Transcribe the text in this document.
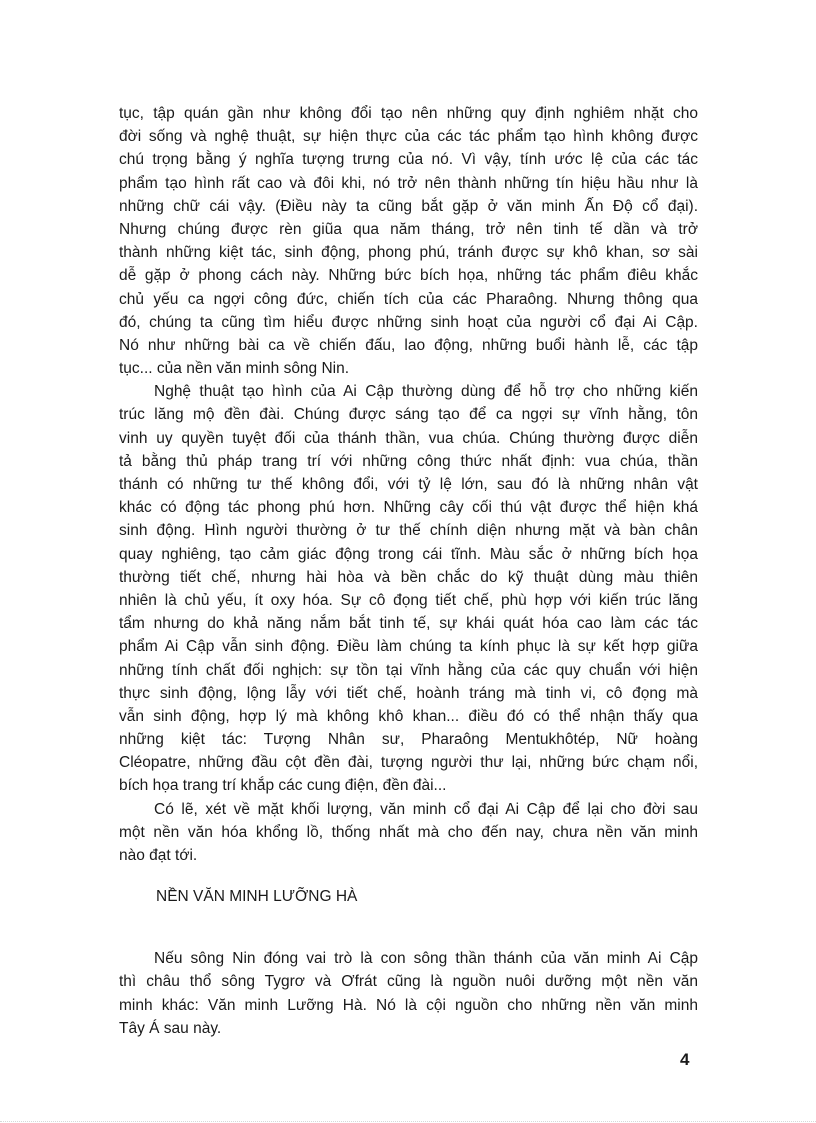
tục, tập quán gần như không đổi tạo nên những quy định nghiêm nhặt cho
đời sống và nghệ thuật, sự hiện thực của các tác phẩm tạo hình không được
chú trọng bằng ý nghĩa tượng trưng của nó. Vì vậy, tính ước lệ của các tác
phẩm tạo hình rất cao và đôi khi, nó trở nên thành những tín hiệu hầu như là
những chữ cái vậy. (Điều này ta cũng bắt gặp ở văn minh Ấn Độ cổ đại).
Nhưng chúng được rèn giũa qua năm tháng, trở nên tinh tế dần và trở
thành những kiệt tác, sinh động, phong phú, tránh được sự khô khan, sơ sài
dễ gặp ở phong cách này. Những bức bích họa, những tác phẩm điêu khắc
chủ yếu ca ngợi công đức, chiến tích của các Pharaông. Nhưng thông qua
đó, chúng ta cũng tìm hiểu được những sinh hoạt của người cổ đại Ai Cập.
Nó như những bài ca về chiến đấu, lao động, những buổi hành lễ, các tập
tục... của nền văn minh sông Nin.
Nghệ thuật tạo hình của Ai Cập thường dùng để hỗ trợ cho những kiến
trúc lăng mộ đền đài. Chúng được sáng tạo để ca ngợi sự vĩnh hằng, tôn
vinh uy quyền tuyệt đối của thánh thần, vua chúa. Chúng thường được diễn
tả bằng thủ pháp trang trí với những công thức nhất định: vua chúa, thần
thánh có những tư thế không đổi, với tỷ lệ lớn, sau đó là những nhân vật
khác có động tác phong phú hơn. Những cây cối thú vật được thể hiện khá
sinh động. Hình người thường ở tư thế chính diện nhưng mặt và bàn chân
quay nghiêng, tạo cảm giác động trong cái tĩnh. Màu sắc ở những bích họa
thường tiết chế, nhưng hài hòa và bền chắc do kỹ thuật dùng màu thiên
nhiên là chủ yếu, ít oxy hóa. Sự cô đọng tiết chế, phù hợp với kiến trúc lăng
tẩm nhưng do khả năng nắm bắt tinh tế, sự khái quát hóa cao làm các tác
phẩm Ai Cập vẫn sinh động. Điều làm chúng ta kính phục là sự kết hợp giữa
những tính chất đối nghịch: sự tồn tại vĩnh hằng của các quy chuẩn với hiện
thực sinh động, lộng lẫy với tiết chế, hoành tráng mà tinh vi, cô đọng mà
vẫn sinh động, hợp lý mà không khô khan... điều đó có thể nhận thấy qua
những kiệt tác: Tượng Nhân sư, Pharaông Mentukhôtép, Nữ hoàng
Cléopatre, những đầu cột đền đài, tượng người thư lại, những bức chạm nổi,
bích họa trang trí khắp các cung điện, đền đài...
Có lẽ, xét về mặt khối lượng, văn minh cổ đại Ai Cập để lại cho đời sau
một nền văn hóa khổng lồ, thống nhất mà cho đến nay, chưa nền văn minh
nào đạt tới.
NỀN VĂN MINH LƯỠNG HÀ
Nếu sông Nin đóng vai trò là con sông thần thánh của văn minh Ai Cập
thì châu thổ sông Tygrơ và Ơfrát cũng là nguồn nuôi dưỡng một nền văn
minh khác: Văn minh Lưỡng Hà. Nó là cội nguồn cho những nền văn minh
Tây Á sau này.
4
